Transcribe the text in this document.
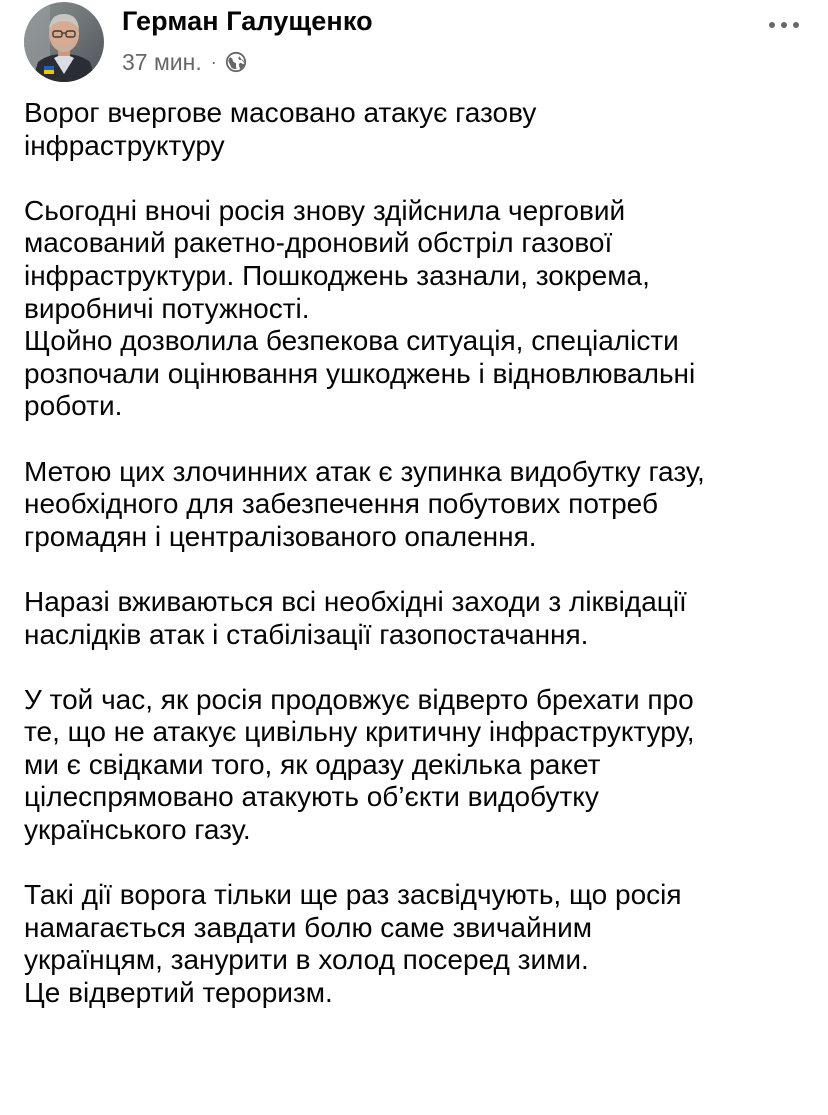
Герман Галущенко
37 мин. ·

Ворог вчергове масовано атакує газову
інфраструктуру

Сьогодні вночі росія знову здійснила черговий
масований ракетно-дроновий обстріл газової
інфраструктури. Пошкоджень зазнали, зокрема,
виробничі потужності.
Щойно дозволила безпекова ситуація, спеціалісти
розпочали оцінювання ушкоджень і відновлювальні
роботи.

Метою цих злочинних атак є зупинка видобутку газу,
необхідного для забезпечення побутових потреб
громадян і централізованого опалення.

Наразі вживаються всі необхідні заходи з ліквідації
наслідків атак і стабілізації газопостачання.

У той час, як росія продовжує відверто брехати про
те, що не атакує цивільну критичну інфраструктуру,
ми є свідками того, як одразу декілька ракет
цілеспрямовано атакують об’єкти видобутку
українського газу.

Такі дії ворога тільки ще раз засвідчують, що росія
намагається завдати болю саме звичайним
українцям, занурити в холод посеред зими.
Це відвертий тероризм.
